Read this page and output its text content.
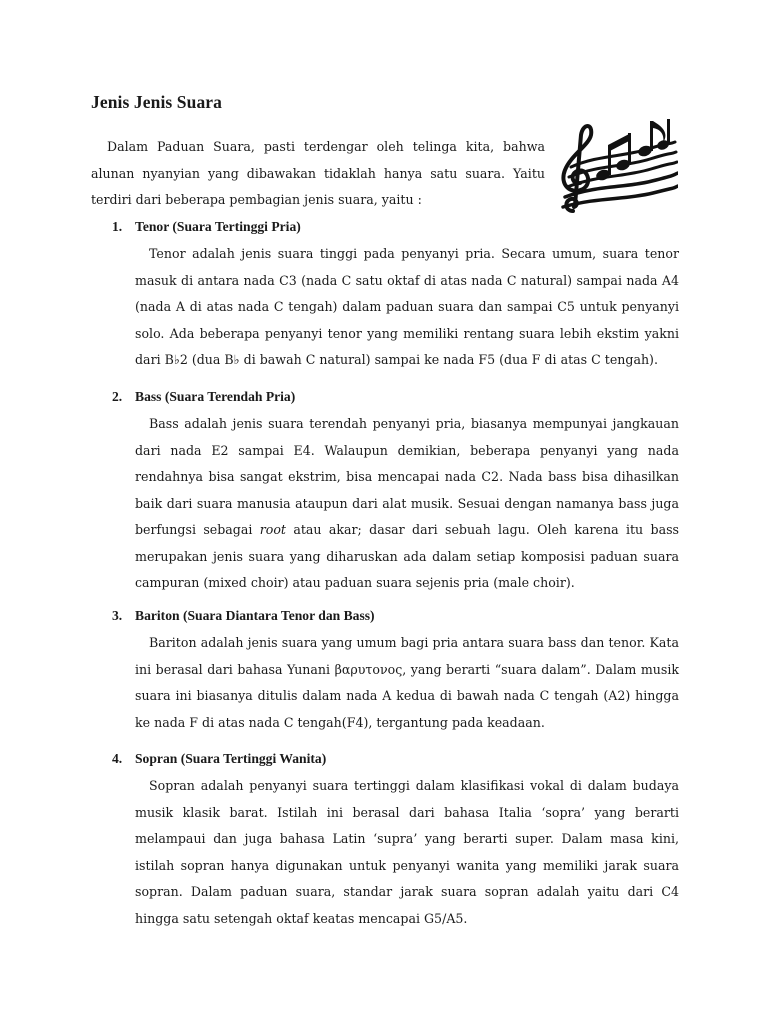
Jenis Jenis Suara

Dalam Paduan Suara, pasti terdengar oleh telinga kita, bahwa alunan nyanyian yang dibawakan tidaklah hanya satu suara. Yaitu terdiri dari beberapa pembagian jenis suara, yaitu :

1. Tenor (Suara Tertinggi Pria)

Tenor adalah jenis suara tinggi pada penyanyi pria. Secara umum, suara tenor masuk di antara nada C3 (nada C satu oktaf di atas nada C natural) sampai nada A4 (nada A di atas nada C tengah) dalam paduan suara dan sampai C5 untuk penyanyi solo. Ada beberapa penyanyi tenor yang memiliki rentang suara lebih ekstim yakni dari B♭2 (dua B♭ di bawah C natural) sampai ke nada F5 (dua F di atas C tengah).

2. Bass (Suara Terendah Pria)

Bass adalah jenis suara terendah penyanyi pria, biasanya mempunyai jangkauan dari nada E2 sampai E4. Walaupun demikian, beberapa penyanyi yang nada rendahnya bisa sangat ekstrim, bisa mencapai nada C2. Nada bass bisa dihasilkan baik dari suara manusia ataupun dari alat musik. Sesuai dengan namanya bass juga berfungsi sebagai root atau akar; dasar dari sebuah lagu. Oleh karena itu bass merupakan jenis suara yang diharuskan ada dalam setiap komposisi paduan suara campuran (mixed choir) atau paduan suara sejenis pria (male choir).

3. Bariton (Suara Diantara Tenor dan Bass)

Bariton adalah jenis suara yang umum bagi pria antara suara bass dan tenor. Kata ini berasal dari bahasa Yunani βαρυτονος, yang berarti “suara dalam”. Dalam musik suara ini biasanya ditulis dalam nada A kedua di bawah nada C tengah (A2) hingga ke nada F di atas nada C tengah(F4), tergantung pada keadaan.

4. Sopran (Suara Tertinggi Wanita)

Sopran adalah penyanyi suara tertinggi dalam klasifikasi vokal di dalam budaya musik klasik barat. Istilah ini berasal dari bahasa Italia ‘sopra’ yang berarti melampaui dan juga bahasa Latin ‘supra’ yang berarti super. Dalam masa kini, istilah sopran hanya digunakan untuk penyanyi wanita yang memiliki jarak suara sopran. Dalam paduan suara, standar jarak suara sopran adalah yaitu dari C4 hingga satu setengah oktaf keatas mencapai G5/A5.
